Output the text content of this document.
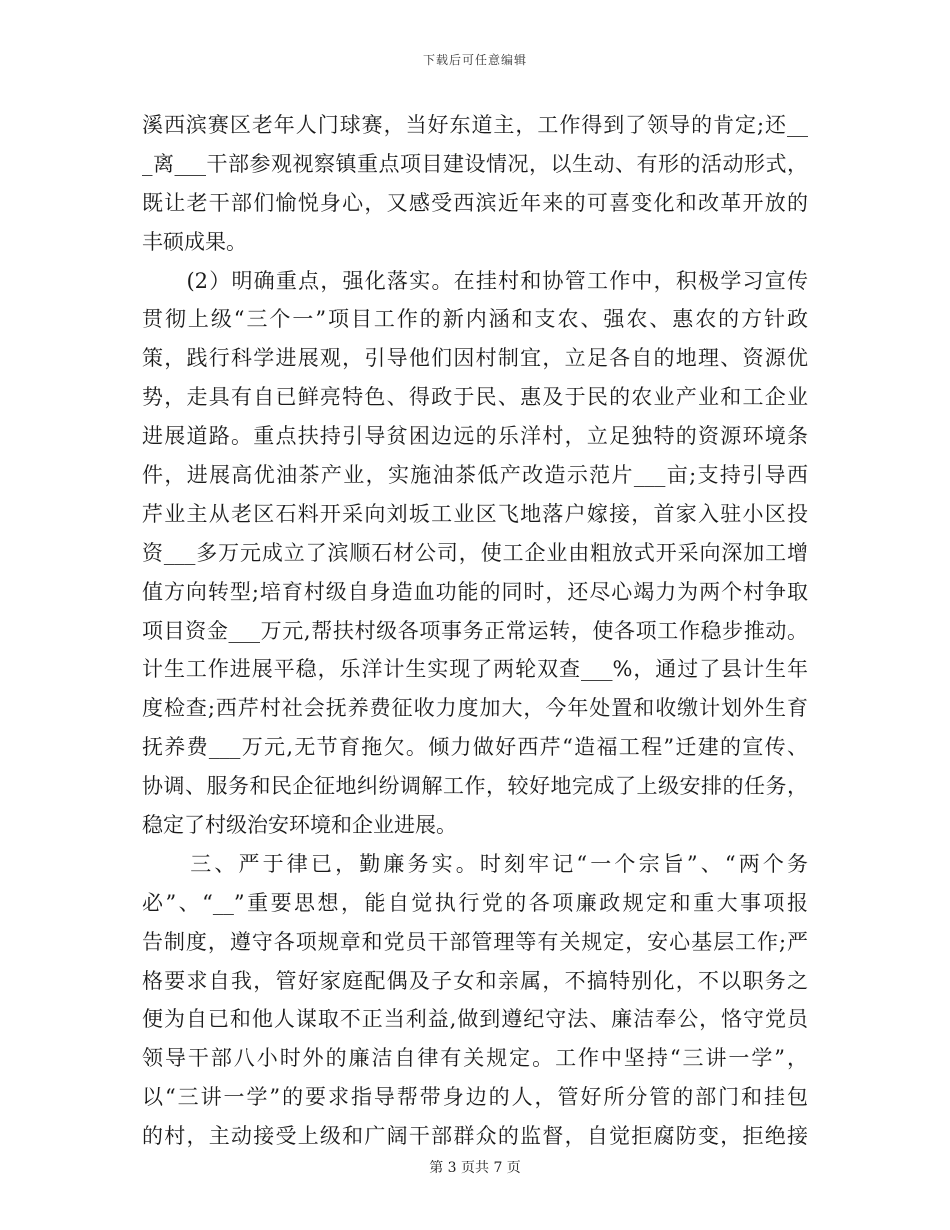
下载后可任意编辑
溪西滨赛区老年人门球赛，当好东道主，工作得到了领导的肯定;还__
_离___干部参观视察镇重点项目建设情况，以生动、有形的活动形式，
既让老干部们愉悦身心，又感受西滨近年来的可喜变化和改革开放的
丰硕成果。
　　(2）明确重点，强化落实。在挂村和协管工作中，积极学习宣传
贯彻上级“三个一”项目工作的新内涵和支农、强农、惠农的方针政
策，践行科学进展观，引导他们因村制宜，立足各自的地理、资源优
势，走具有自已鲜亮特色、得政于民、惠及于民的农业产业和工企业
进展道路。重点扶持引导贫困边远的乐洋村，立足独特的资源环境条
件，进展高优油茶产业，实施油茶低产改造示范片___亩;支持引导西
芹业主从老区石料开采向刘坂工业区飞地落户嫁接，首家入驻小区投
资___多万元成立了滨顺石材公司，使工企业由粗放式开采向深加工增
值方向转型;培育村级自身造血功能的同时，还尽心竭力为两个村争取
项目资金___万元,帮扶村级各项事务正常运转，使各项工作稳步推动。
计生工作进展平稳，乐洋计生实现了两轮双查___%，通过了县计生年
度检查;西芹村社会抚养费征收力度加大，今年处置和收缴计划外生育
抚养费___万元,无节育拖欠。倾力做好西芹“造福工程”迁建的宣传、
协调、服务和民企征地纠纷调解工作，较好地完成了上级安排的任务，
稳定了村级治安环境和企业进展。
　　三、严于律已，勤廉务实。时刻牢记“一个宗旨”、“两个务
必”、“__”重要思想，能自觉执行党的各项廉政规定和重大事项报
告制度，遵守各项规章和党员干部管理等有关规定，安心基层工作;严
格要求自我，管好家庭配偶及子女和亲属，不搞特别化，不以职务之
便为自已和他人谋取不正当利益,做到遵纪守法、廉洁奉公，恪守党员
领导干部八小时外的廉洁自律有关规定。工作中坚持“三讲一学”，
以“三讲一学”的要求指导帮带身边的人，管好所分管的部门和挂包
的村，主动接受上级和广阔干部群众的监督，自觉拒腐防变，拒绝接
第 3 页共 7 页
